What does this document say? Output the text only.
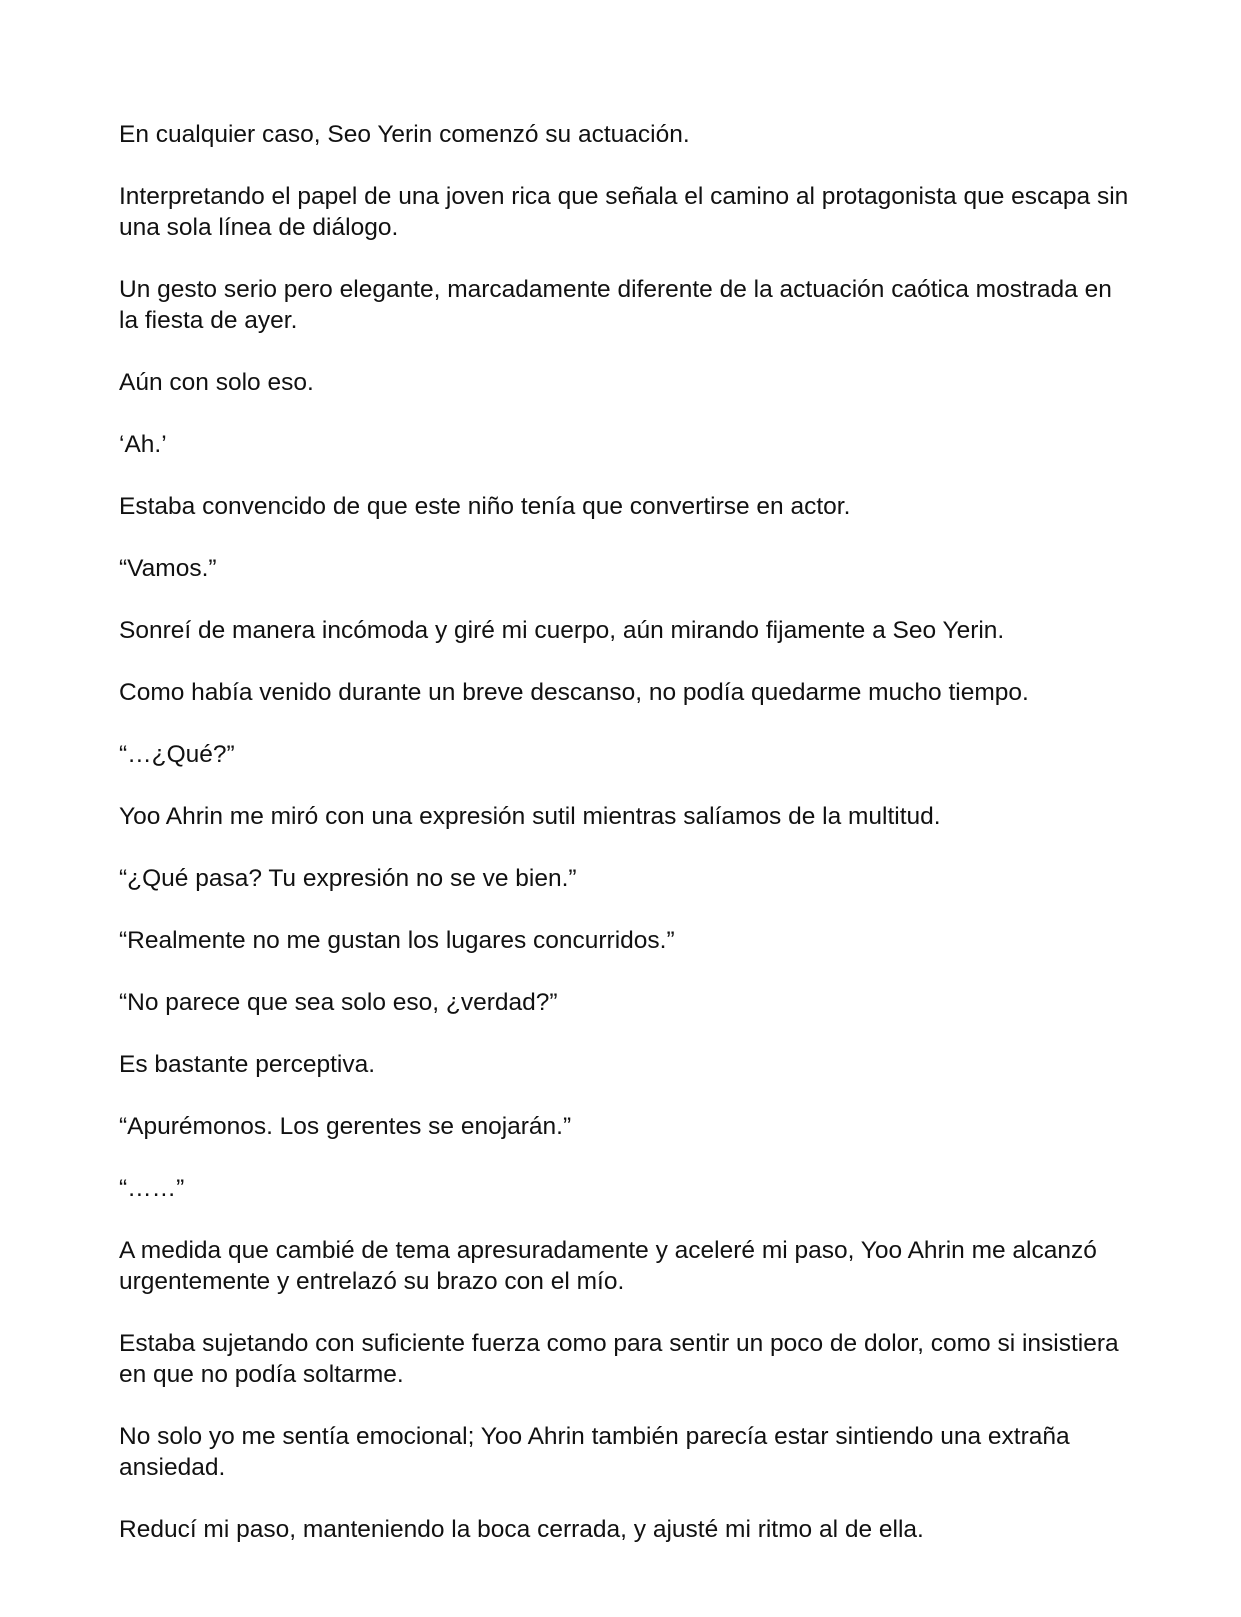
En cualquier caso, Seo Yerin comenzó su actuación.

Interpretando el papel de una joven rica que señala el camino al protagonista que escapa sin una sola línea de diálogo.

Un gesto serio pero elegante, marcadamente diferente de la actuación caótica mostrada en la fiesta de ayer.

Aún con solo eso.

‘Ah.’

Estaba convencido de que este niño tenía que convertirse en actor.

“Vamos.”

Sonreí de manera incómoda y giré mi cuerpo, aún mirando fijamente a Seo Yerin.

Como había venido durante un breve descanso, no podía quedarme mucho tiempo.

“…¿Qué?”

Yoo Ahrin me miró con una expresión sutil mientras salíamos de la multitud.

“¿Qué pasa? Tu expresión no se ve bien.”

“Realmente no me gustan los lugares concurridos.”

“No parece que sea solo eso, ¿verdad?”

Es bastante perceptiva.

“Apurémonos. Los gerentes se enojarán.”

“……”

A medida que cambié de tema apresuradamente y aceleré mi paso, Yoo Ahrin me alcanzó urgentemente y entrelazó su brazo con el mío.

Estaba sujetando con suficiente fuerza como para sentir un poco de dolor, como si insistiera en que no podía soltarme.

No solo yo me sentía emocional; Yoo Ahrin también parecía estar sintiendo una extraña ansiedad.

Reducí mi paso, manteniendo la boca cerrada, y ajusté mi ritmo al de ella.
